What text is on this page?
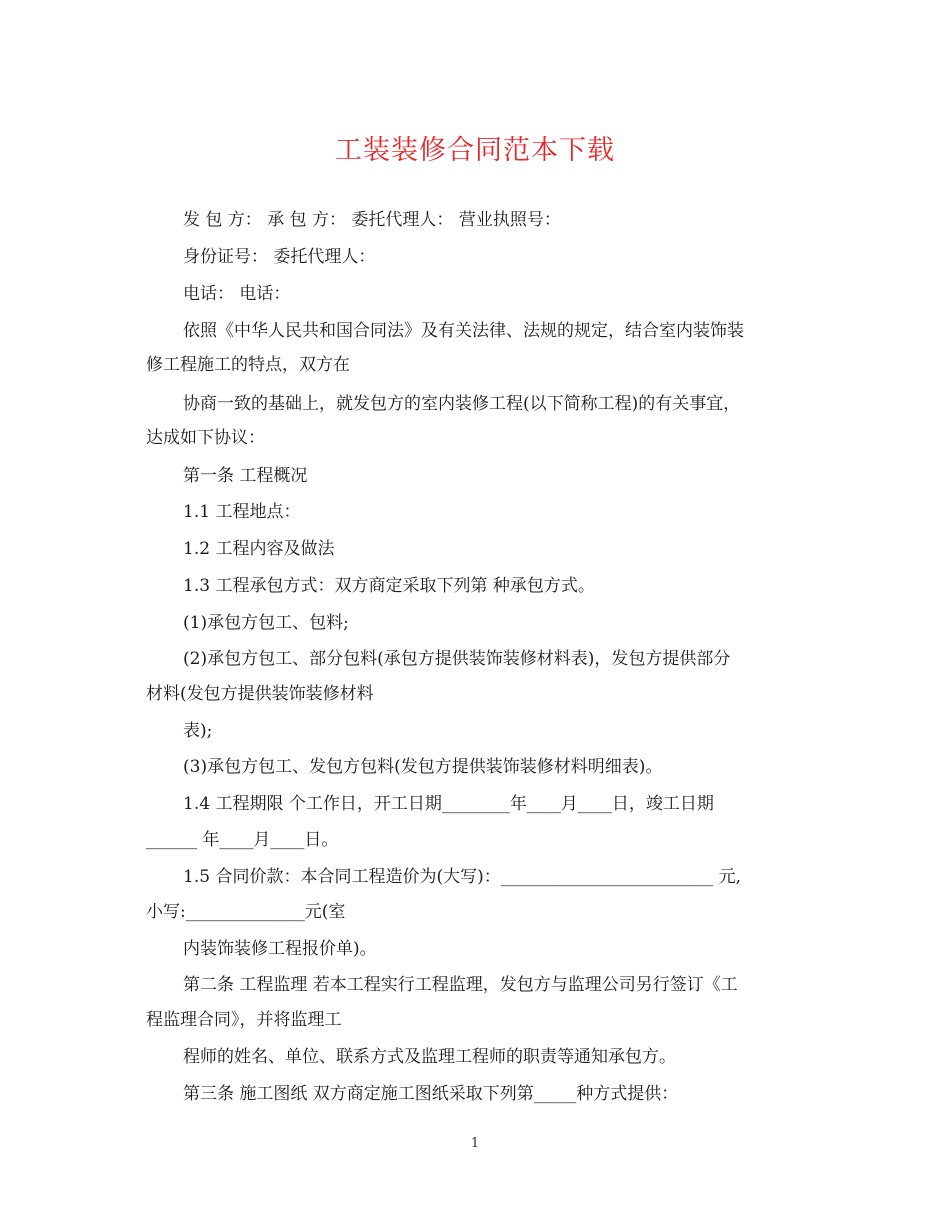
工装装修合同范本下载
发 包 方： 承 包 方： 委托代理人： 营业执照号：
身份证号： 委托代理人：
电话： 电话：
依照《中华人民共和国合同法》及有关法律、法规的规定，结合室内装饰装
修工程施工的特点，双方在
协商一致的基础上，就发包方的室内装修工程(以下简称工程)的有关事宜，
达成如下协议：
第一条 工程概况
1.1 工程地点：
1.2 工程内容及做法
1.3 工程承包方式：双方商定采取下列第 种承包方式。
(1)承包方包工、包料;
(2)承包方包工、部分包料(承包方提供装饰装修材料表)，发包方提供部分
材料(发包方提供装饰装修材料
表);
(3)承包方包工、发包方包料(发包方提供装饰装修材料明细表)。
1.4 工程期限 个工作日，开工日期________年____月____日，竣工日期
______ 年____月____日。
1.5 合同价款：本合同工程造价为(大写)：_________________________ 元,
小写:______________元(室
内装饰装修工程报价单)。
第二条 工程监理 若本工程实行工程监理，发包方与监理公司另行签订《工
程监理合同》，并将监理工
程师的姓名、单位、联系方式及监理工程师的职责等通知承包方。
第三条 施工图纸 双方商定施工图纸采取下列第_____种方式提供：
1
